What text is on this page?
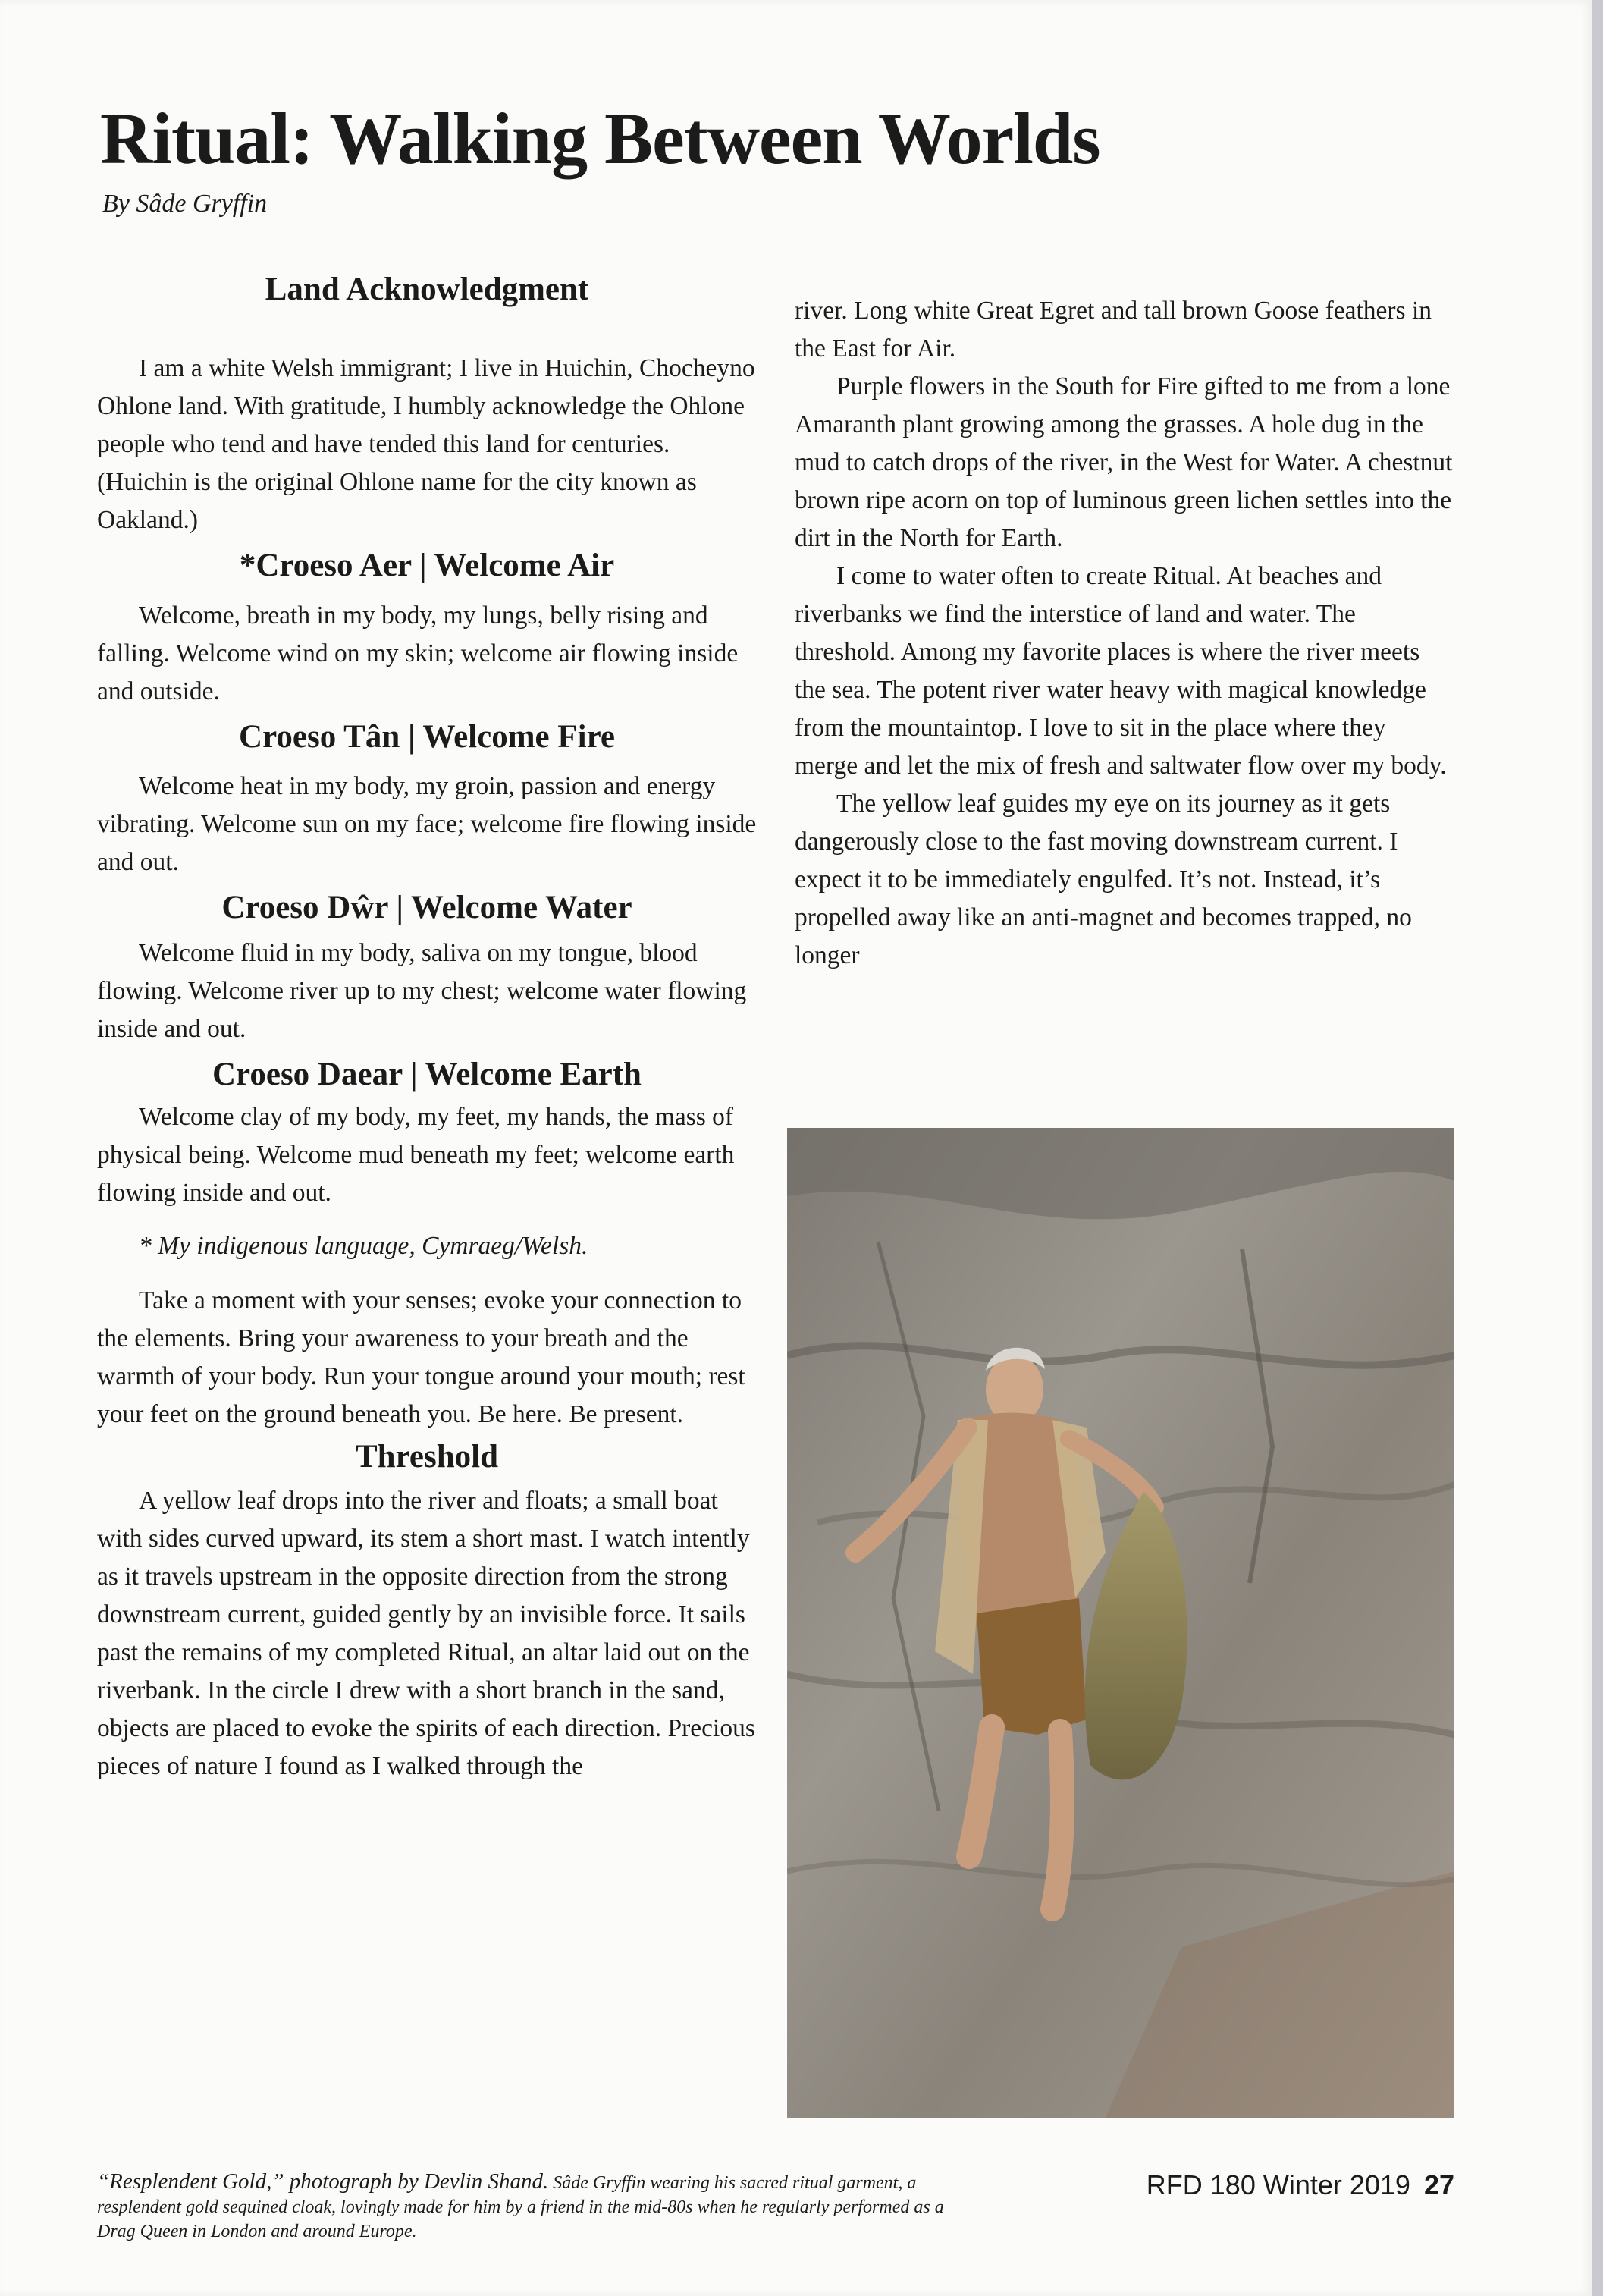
Ritual: Walking Between Worlds
By Sâde Gryffin
Land Acknowledgment

I am a white Welsh immigrant; I live in Huichin, Chocheyno Ohlone land. With gratitude, I humbly acknowledge the Ohlone people who tend and have tended this land for centuries. (Huichin is the original Ohlone name for the city known as Oakland.)

*Croeso Aer | Welcome Air

Welcome, breath in my body, my lungs, belly rising and falling. Welcome wind on my skin; welcome air flowing inside and outside.

Croeso Tân | Welcome Fire

Welcome heat in my body, my groin, passion and energy vibrating. Welcome sun on my face; welcome fire flowing inside and out.

Croeso Dŵr | Welcome Water

Welcome fluid in my body, saliva on my tongue, blood flowing. Welcome river up to my chest; welcome water flowing inside and out.

Croeso Daear | Welcome Earth

Welcome clay of my body, my feet, my hands, the mass of physical being. Welcome mud beneath my feet; welcome earth flowing inside and out.

* My indigenous language, Cymraeg/Welsh.

Take a moment with your senses; evoke your connection to the elements. Bring your awareness to your breath and the warmth of your body. Run your tongue around your mouth; rest your feet on the ground beneath you. Be here. Be present.

Threshold

A yellow leaf drops into the river and floats; a small boat with sides curved upward, its stem a short mast. I watch intently as it travels upstream in the opposite direction from the strong downstream current, guided gently by an invisible force. It sails past the remains of my completed Ritual, an altar laid out on the riverbank. In the circle I drew with a short branch in the sand, objects are placed to evoke the spirits of each direction. Precious pieces of nature I found as I walked through the

river. Long white Great Egret and tall brown Goose feathers in the East for Air.

Purple flowers in the South for Fire gifted to me from a lone Amaranth plant growing among the grasses. A hole dug in the mud to catch drops of the river, in the West for Water. A chestnut brown ripe acorn on top of luminous green lichen settles into the dirt in the North for Earth.

I come to water often to create Ritual. At beaches and riverbanks we find the interstice of land and water. The threshold. Among my favorite places is where the river meets the sea. The potent river water heavy with magical knowledge from the mountaintop. I love to sit in the place where they merge and let the mix of fresh and saltwater flow over my body.

The yellow leaf guides my eye on its journey as it gets dangerously close to the fast moving downstream current. I expect it to be immediately engulfed. It’s not. Instead, it’s propelled away like an anti-magnet and becomes trapped, no longer

“Resplendent Gold,” photograph by Devlin Shand. Sâde Gryffin wearing his sacred ritual garment, a resplendent gold sequined cloak, lovingly made for him by a friend in the mid-80s when he regularly performed as a Drag Queen in London and around Europe.
RFD 180 Winter 2019 27
